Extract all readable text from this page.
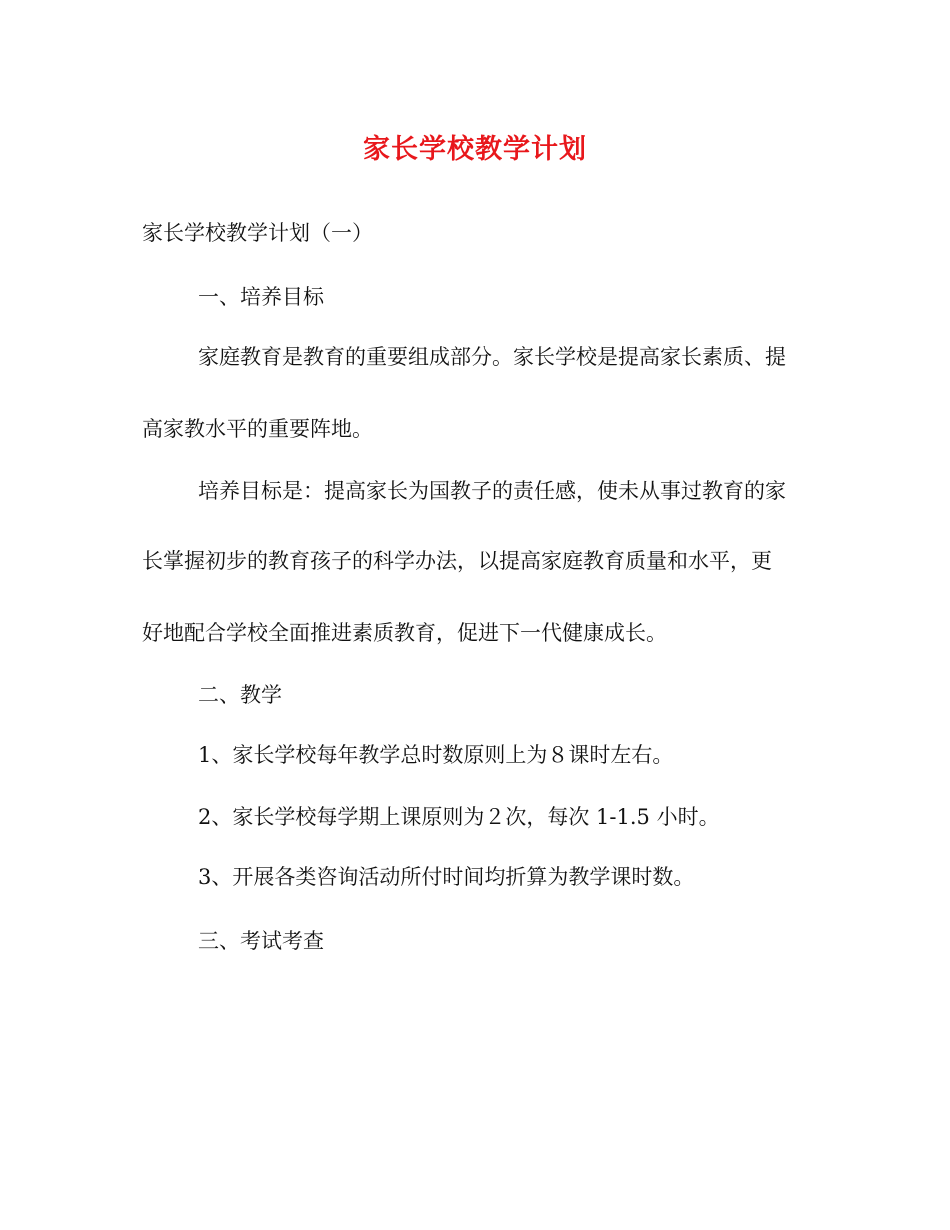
家长学校教学计划
家长学校教学计划（一）
一、培养目标
家庭教育是教育的重要组成部分。家长学校是提高家长素质、提
高家教水平的重要阵地。
培养目标是：提高家长为国教子的责任感，使未从事过教育的家
长掌握初步的教育孩子的科学办法，以提高家庭教育质量和水平，更
好地配合学校全面推进素质教育，促进下一代健康成长。
二、教学
1、家长学校每年教学总时数原则上为８课时左右。
2、家长学校每学期上课原则为２次，每次 1-1.5 小时。
3、开展各类咨询活动所付时间均折算为教学课时数。
三、考试考查
